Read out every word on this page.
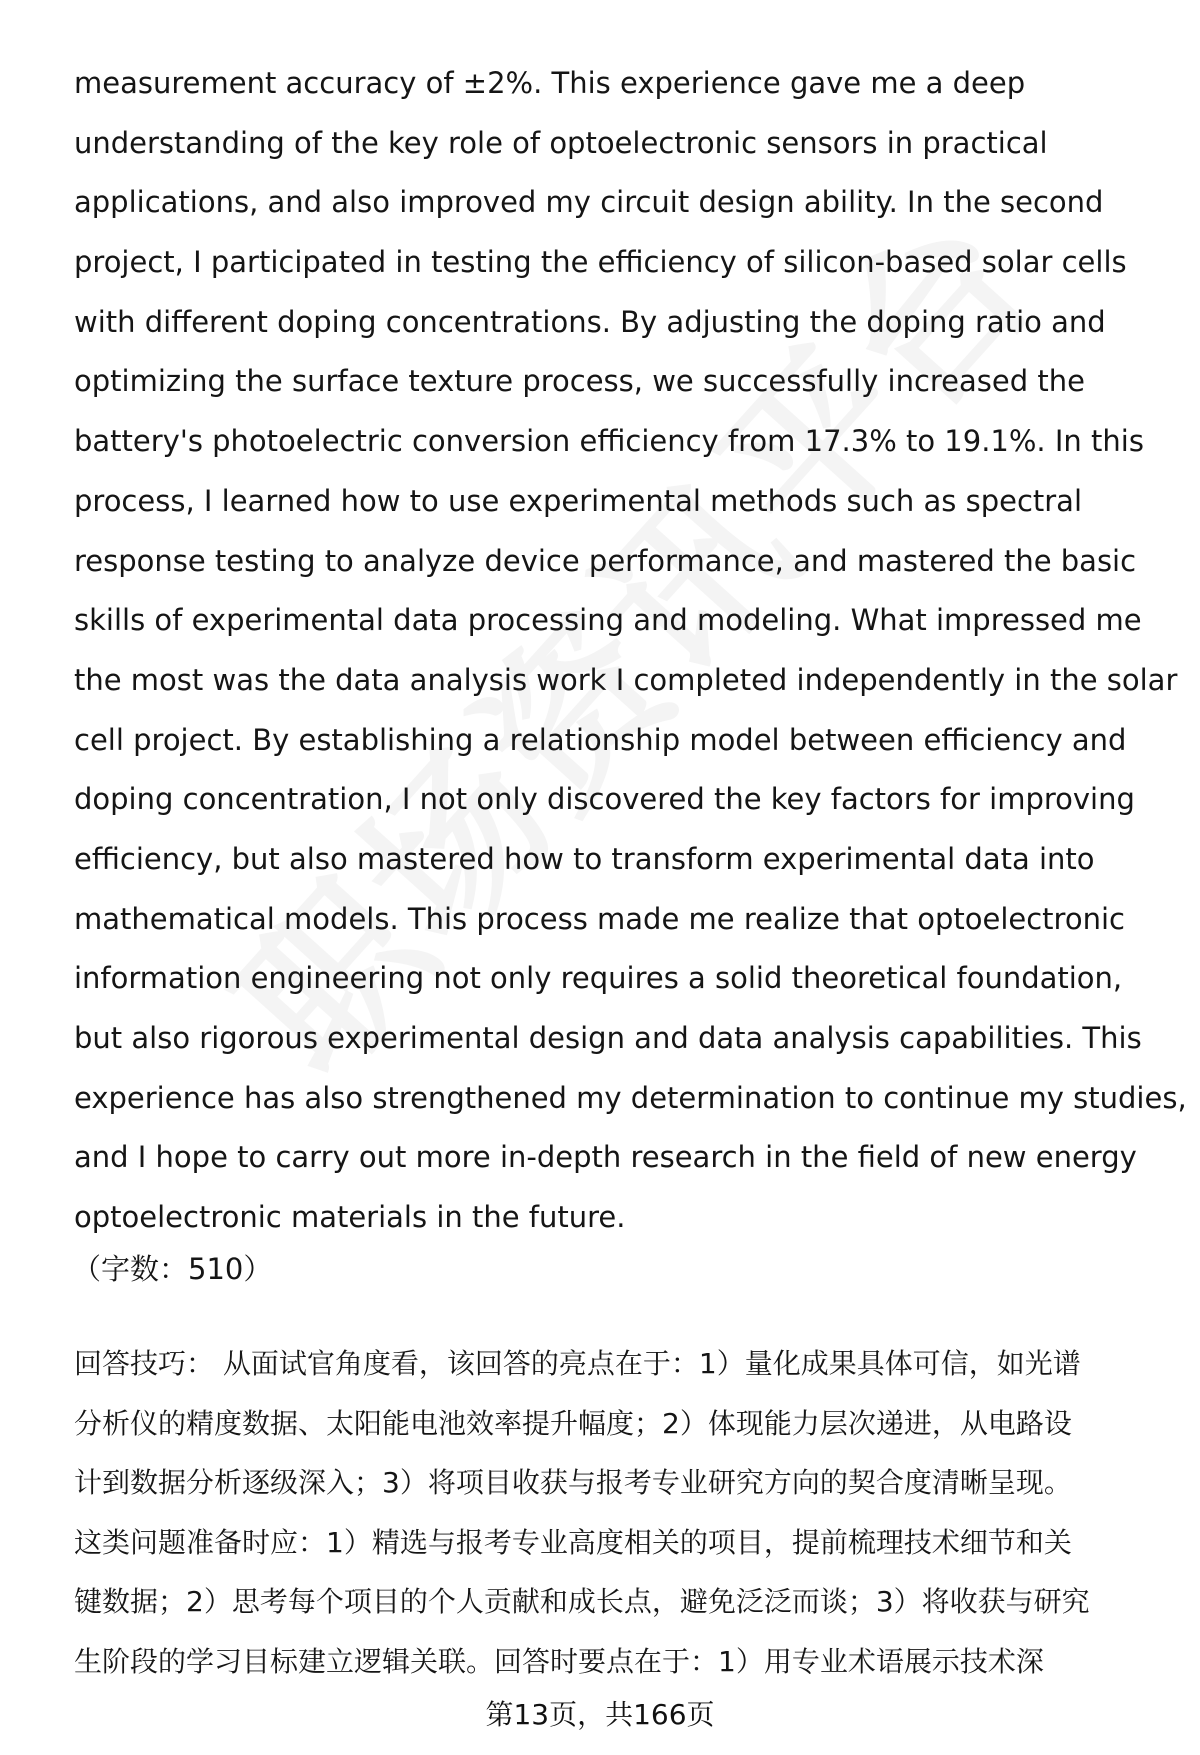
measurement accuracy of ±2%. This experience gave me a deep
understanding of the key role of optoelectronic sensors in practical
applications, and also improved my circuit design ability. In the second
project, I participated in testing the efficiency of silicon-based solar cells
with different doping concentrations. By adjusting the doping ratio and
optimizing the surface texture process, we successfully increased the
battery's photoelectric conversion efficiency from 17.3% to 19.1%. In this
process, I learned how to use experimental methods such as spectral
response testing to analyze device performance, and mastered the basic
skills of experimental data processing and modeling. What impressed me
the most was the data analysis work I completed independently in the solar
cell project. By establishing a relationship model between efficiency and
doping concentration, I not only discovered the key factors for improving
efficiency, but also mastered how to transform experimental data into
mathematical models. This process made me realize that optoelectronic
information engineering not only requires a solid theoretical foundation,
but also rigorous experimental design and data analysis capabilities. This
experience has also strengthened my determination to continue my studies,
and I hope to carry out more in-depth research in the field of new energy
optoelectronic materials in the future.
（字数：510）
回答技巧： 从面试官角度看，该回答的亮点在于：1）量化成果具体可信，如光谱
分析仪的精度数据、太阳能电池效率提升幅度；2）体现能力层次递进，从电路设
计到数据分析逐级深入；3）将项目收获与报考专业研究方向的契合度清晰呈现。
这类问题准备时应：1）精选与报考专业高度相关的项目，提前梳理技术细节和关
键数据；2）思考每个项目的个人贡献和成长点，避免泛泛而谈；3）将收获与研究
生阶段的学习目标建立逻辑关联。回答时要点在于：1）用专业术语展示技术深
第13页，共166页
